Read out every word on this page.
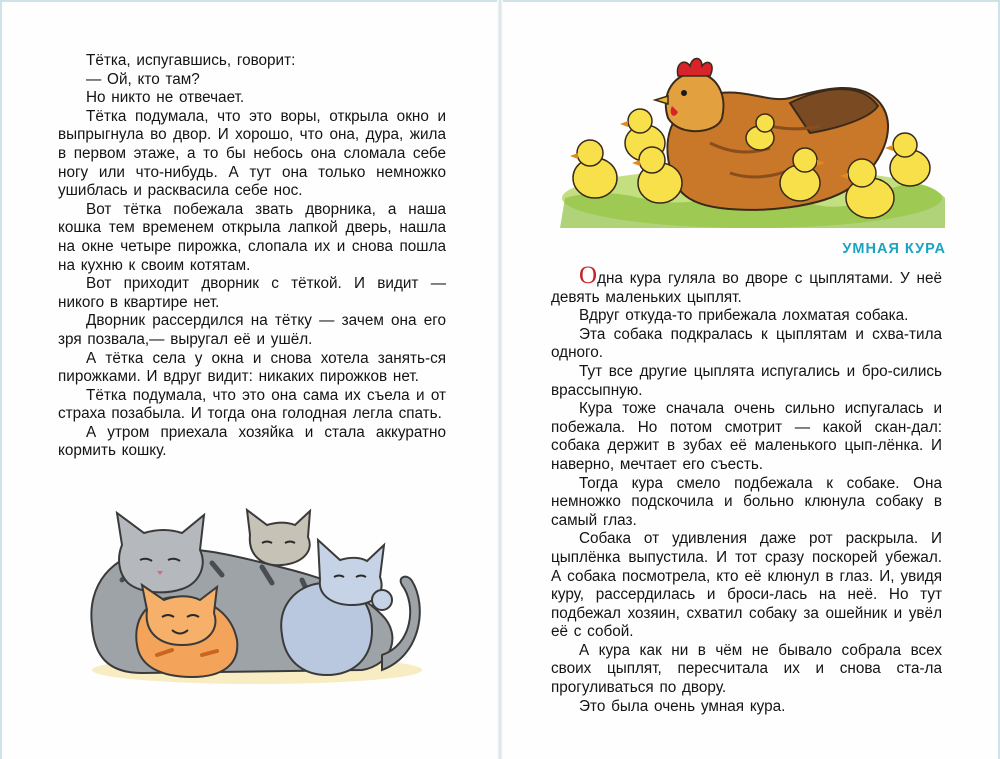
Тётка, испугавшись, говорит:

— Ой, кто там?

Но никто не отвечает.

Тётка подумала, что это воры, открыла окно и выпрыгнула во двор. И хорошо, что она, дура, жила в первом этаже, а то бы небось она сломала себе ногу или что-нибудь. А тут она только немножко ушиблась и расквасила себе нос.

Вот тётка побежала звать дворника, а наша кошка тем временем открыла лапкой дверь, нашла на окне четыре пирожка, слопала их и снова пошла на кухню к своим котятам.

Вот приходит дворник с тёткой. И видит — никого в квартире нет.

Дворник рассердился на тётку — зачем она его зря позвала,— выругал её и ушёл.

А тётка села у окна и снова хотела занять-ся пирожками. И вдруг видит: никаких пирожков нет.

Тётка подумала, что это она сама их съела и от страха позабыла. И тогда она голодная легла спать.

А утром приехала хозяйка и стала аккуратно кормить кошку.

УМНАЯ КУРА

Одна кура гуляла во дворе с цыплятами. У неё девять маленьких цыплят.

Вдруг откуда-то прибежала лохматая собака.

Эта собака подкралась к цыплятам и схва-тила одного.

Тут все другие цыплята испугались и бро-сились врассыпную.

Кура тоже сначала очень сильно испугалась и побежала. Но потом смотрит — какой скан-дал: собака держит в зубах её маленького цып-лёнка. И наверно, мечтает его съесть.

Тогда кура смело подбежала к собаке. Она немножко подскочила и больно клюнула собаку в самый глаз.

Собака от удивления даже рот раскрыла. И цыплёнка выпустила. И тот сразу поскорей убежал. А собака посмотрела, кто её клюнул в глаз. И, увидя куру, рассердилась и броси-лась на неё. Но тут подбежал хозяин, схватил собаку за ошейник и увёл её с собой.

А кура как ни в чём не бывало собрала всех своих цыплят, пересчитала их и снова ста-ла прогуливаться по двору.

Это была очень умная кура.
